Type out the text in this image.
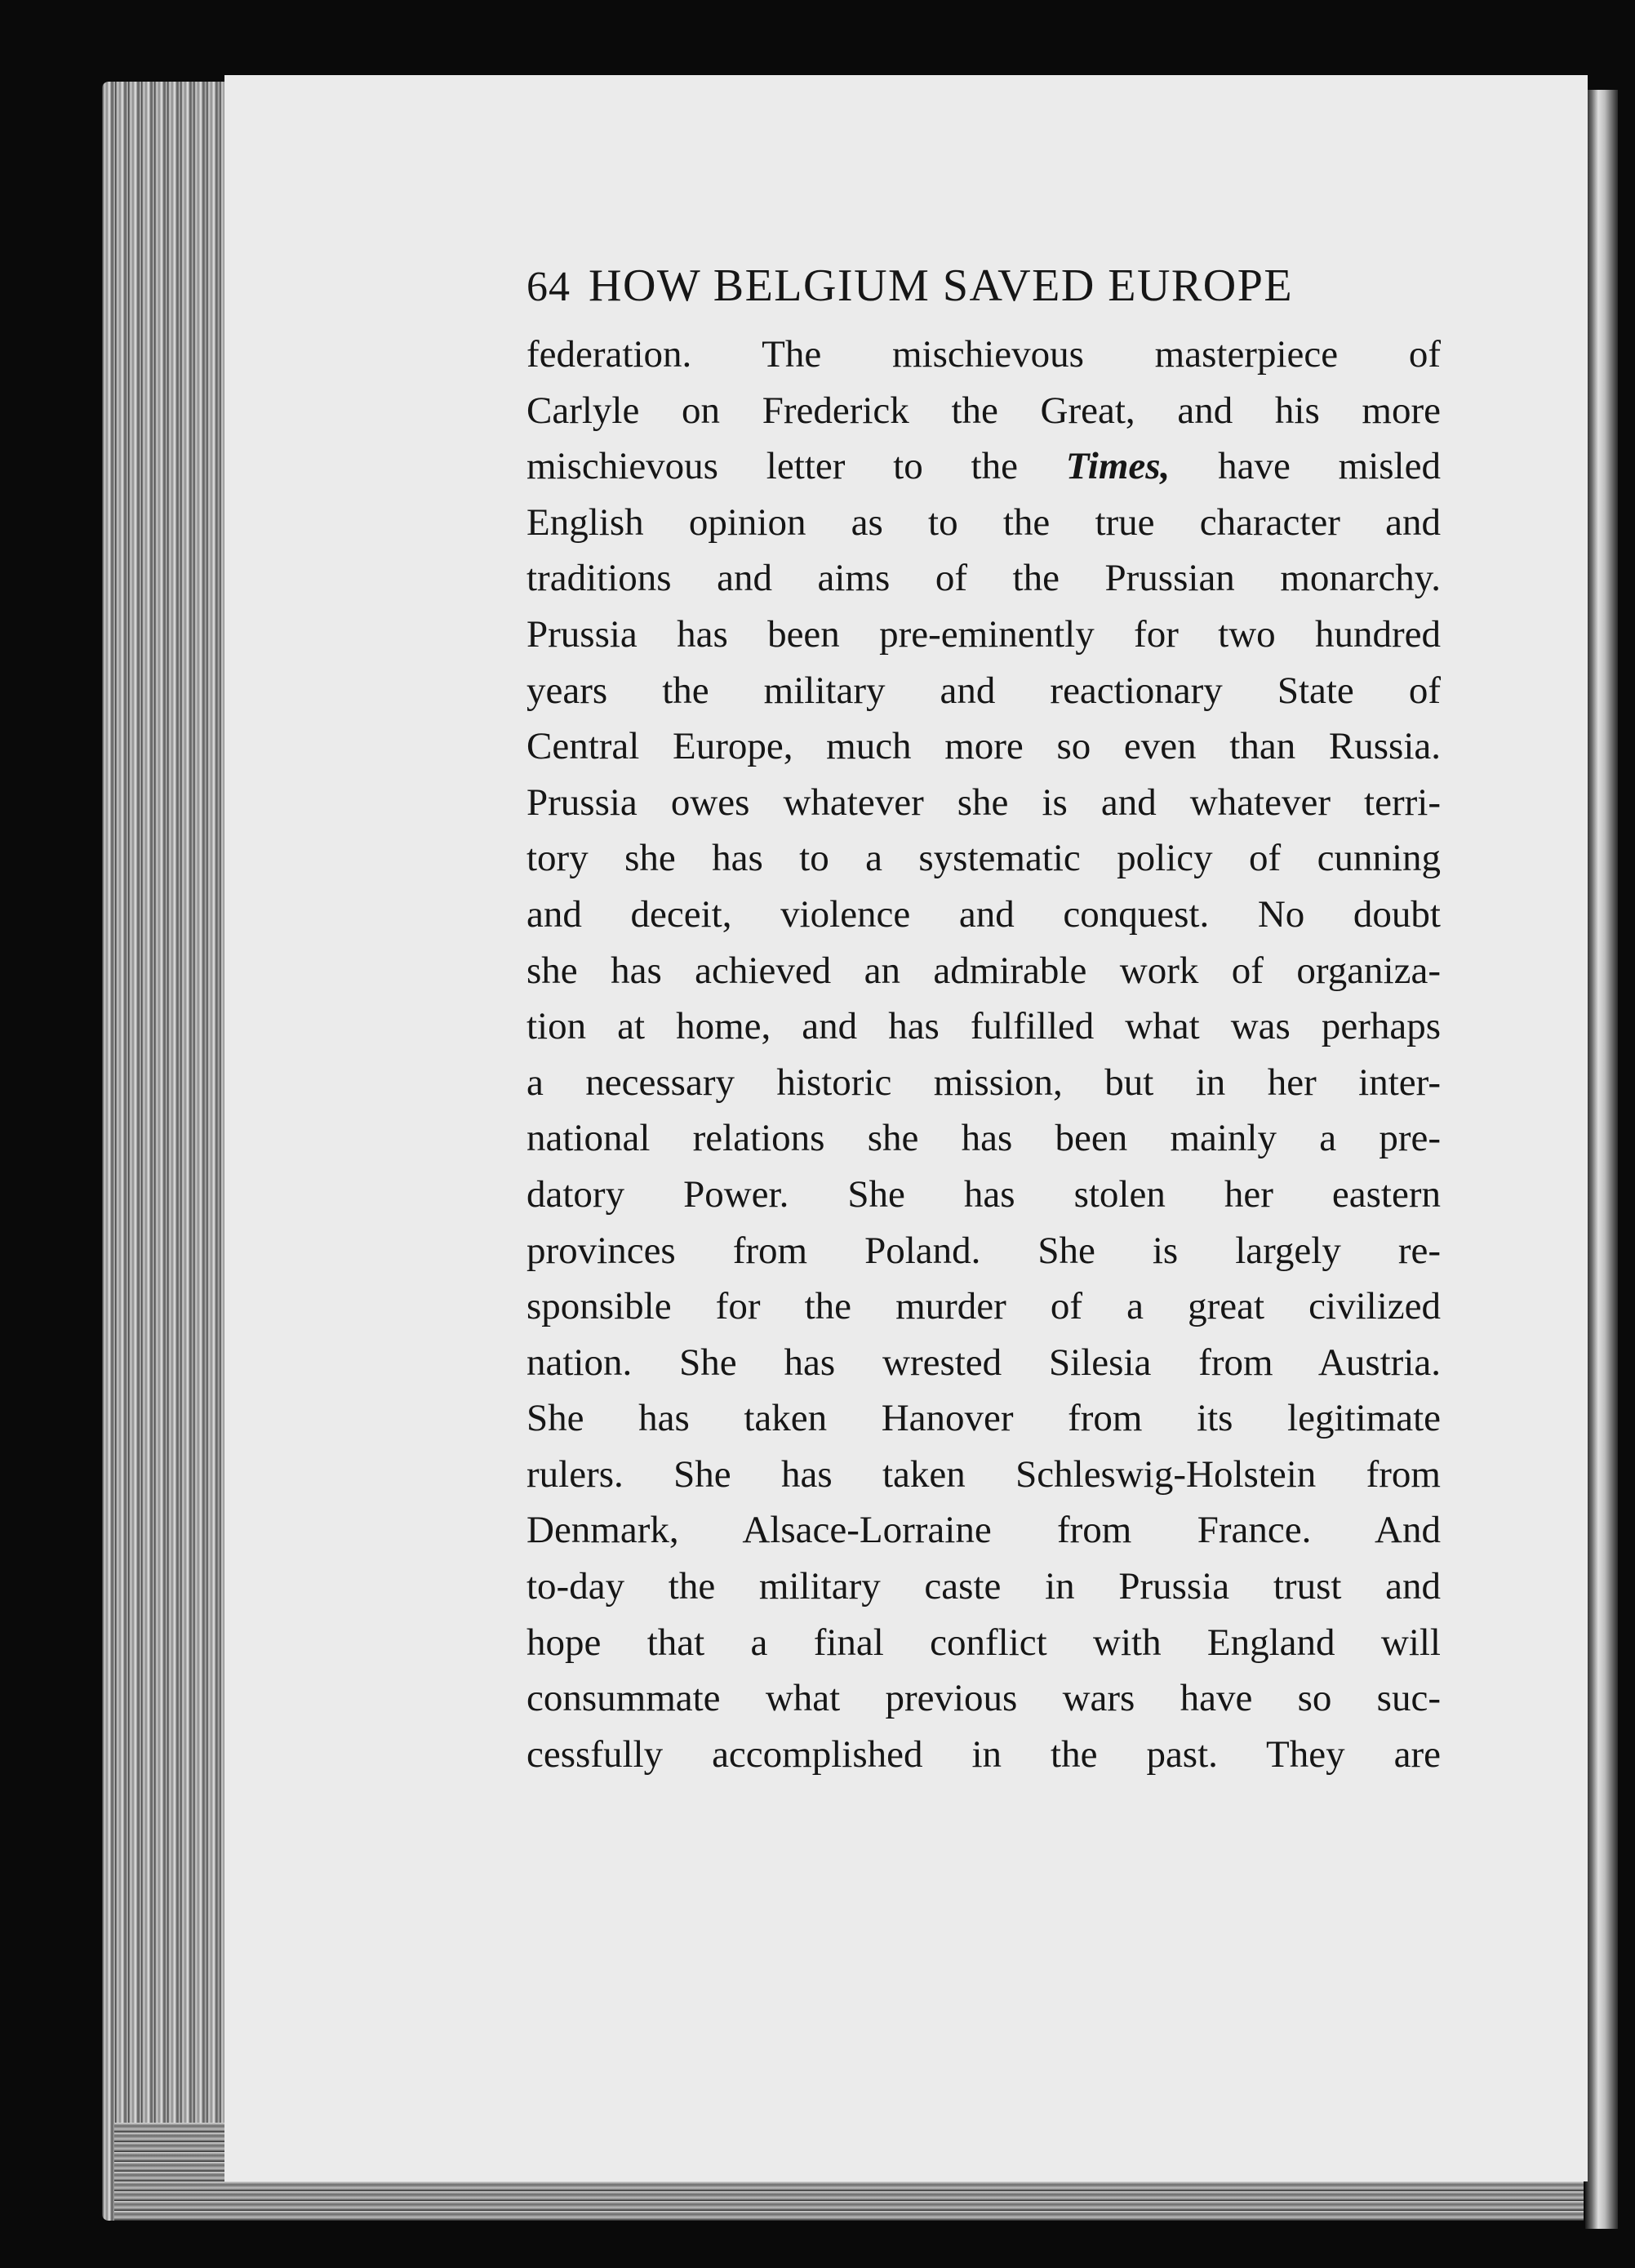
64 HOW BELGIUM SAVED EUROPE
federation. The mischievous masterpiece of
Carlyle on Frederick the Great, and his more
mischievous letter to the Times, have misled
English opinion as to the true character and
traditions and aims of the Prussian monarchy.
Prussia has been pre-eminently for two hundred
years the military and reactionary State of
Central Europe, much more so even than Russia.
Prussia owes whatever she is and whatever terri-
tory she has to a systematic policy of cunning
and deceit, violence and conquest. No doubt
she has achieved an admirable work of organiza-
tion at home, and has fulfilled what was perhaps
a necessary historic mission, but in her inter-
national relations she has been mainly a pre-
datory Power. She has stolen her eastern
provinces from Poland. She is largely re-
sponsible for the murder of a great civilized
nation. She has wrested Silesia from Austria.
She has taken Hanover from its legitimate
rulers. She has taken Schleswig-Holstein from
Denmark, Alsace-Lorraine from France. And
to-day the military caste in Prussia trust and
hope that a final conflict with England will
consummate what previous wars have so suc-
cessfully accomplished in the past. They are
